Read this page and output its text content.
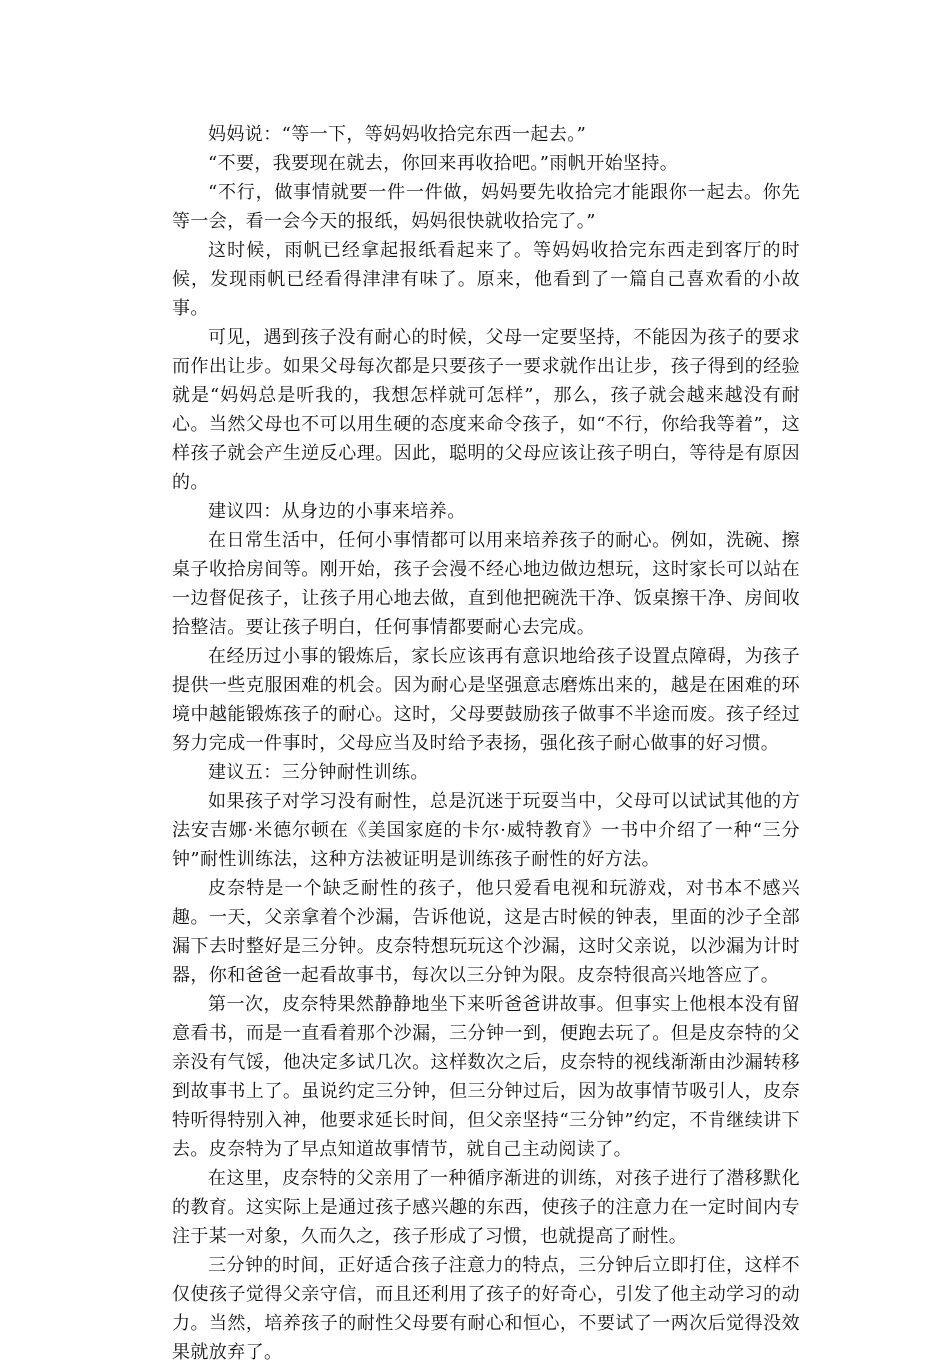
妈妈说：“等一下，等妈妈收拾完东西一起去。”

“不要，我要现在就去，你回来再收拾吧。”雨帆开始坚持。

“不行，做事情就要一件一件做，妈妈要先收拾完才能跟你一起去。你先等一会，看一会今天的报纸，妈妈很快就收拾完了。”

这时候，雨帆已经拿起报纸看起来了。等妈妈收拾完东西走到客厅的时候，发现雨帆已经看得津津有味了。原来，他看到了一篇自己喜欢看的小故事。

可见，遇到孩子没有耐心的时候，父母一定要坚持，不能因为孩子的要求而作出让步。如果父母每次都是只要孩子一要求就作出让步，孩子得到的经验就是“妈妈总是听我的，我想怎样就可怎样”，那么，孩子就会越来越没有耐心。当然父母也不可以用生硬的态度来命令孩子，如“不行，你给我等着”，这样孩子就会产生逆反心理。因此，聪明的父母应该让孩子明白，等待是有原因的。

建议四：从身边的小事来培养。

在日常生活中，任何小事情都可以用来培养孩子的耐心。例如，洗碗、擦桌子收拾房间等。刚开始，孩子会漫不经心地边做边想玩，这时家长可以站在一边督促孩子，让孩子用心地去做，直到他把碗洗干净、饭桌擦干净、房间收拾整洁。要让孩子明白，任何事情都要耐心去完成。

在经历过小事的锻炼后，家长应该再有意识地给孩子设置点障碍，为孩子提供一些克服困难的机会。因为耐心是坚强意志磨炼出来的，越是在困难的环境中越能锻炼孩子的耐心。这时，父母要鼓励孩子做事不半途而废。孩子经过努力完成一件事时，父母应当及时给予表扬，强化孩子耐心做事的好习惯。

建议五：三分钟耐性训练。

如果孩子对学习没有耐性，总是沉迷于玩耍当中，父母可以试试其他的方法安吉娜·米德尔顿在《美国家庭的卡尔·威特教育》一书中介绍了一种“三分钟”耐性训练法，这种方法被证明是训练孩子耐性的好方法。

皮奈特是一个缺乏耐性的孩子，他只爱看电视和玩游戏，对书本不感兴趣。一天，父亲拿着个沙漏，告诉他说，这是古时候的钟表，里面的沙子全部漏下去时整好是三分钟。皮奈特想玩玩这个沙漏，这时父亲说，以沙漏为计时器，你和爸爸一起看故事书，每次以三分钟为限。皮奈特很高兴地答应了。

第一次，皮奈特果然静静地坐下来听爸爸讲故事。但事实上他根本没有留意看书，而是一直看着那个沙漏，三分钟一到，便跑去玩了。但是皮奈特的父亲没有气馁，他决定多试几次。这样数次之后，皮奈特的视线渐渐由沙漏转移到故事书上了。虽说约定三分钟，但三分钟过后，因为故事情节吸引人，皮奈特听得特别入神，他要求延长时间，但父亲坚持“三分钟”约定，不肯继续讲下去。皮奈特为了早点知道故事情节，就自己主动阅读了。

在这里，皮奈特的父亲用了一种循序渐进的训练，对孩子进行了潜移默化的教育。这实际上是通过孩子感兴趣的东西，使孩子的注意力在一定时间内专注于某一对象，久而久之，孩子形成了习惯，也就提高了耐性。

三分钟的时间，正好适合孩子注意力的特点，三分钟后立即打住，这样不仅使孩子觉得父亲守信，而且还利用了孩子的好奇心，引发了他主动学习的动力。当然，培养孩子的耐性父母要有耐心和恒心，不要试了一两次后觉得没效果就放弃了。
